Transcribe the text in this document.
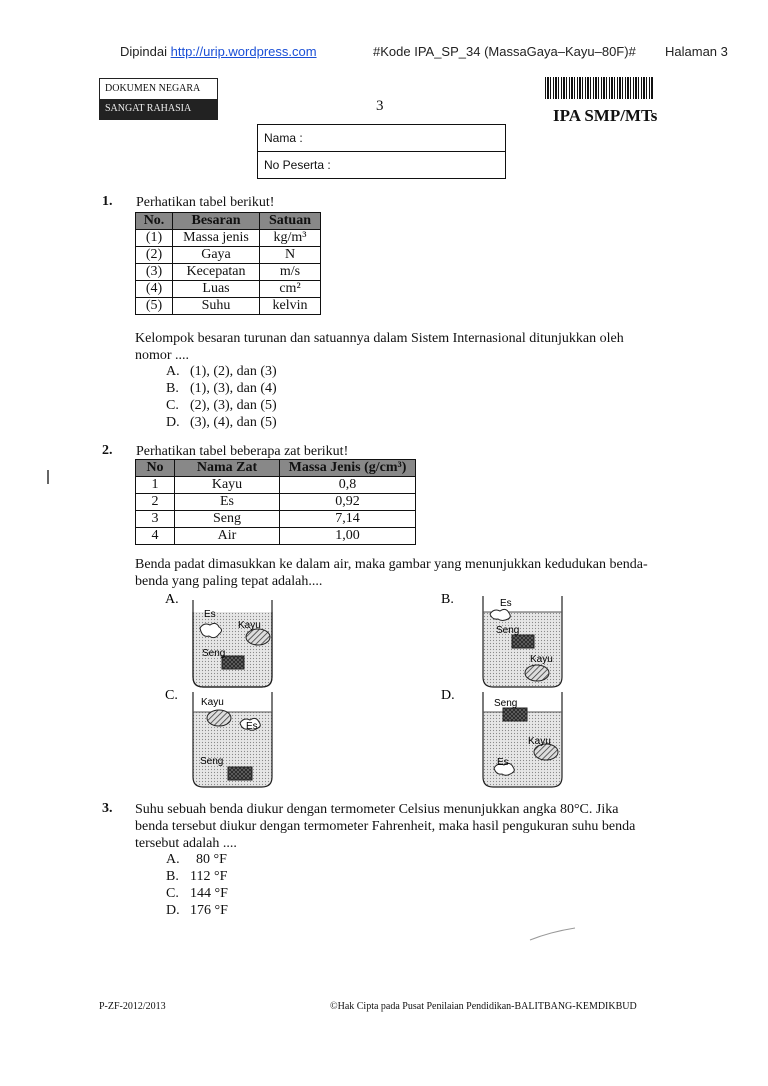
Dipindai http://urip.wordpress.com	#Kode IPA_SP_34 (MassaGaya–Kayu–80F)# Halaman 3
DOKUMEN NEGARA
SANGAT RAHASIA	3	IPA SMP/MTs
Nama :
No Peserta :
1. Perhatikan tabel berikut!
No.	Besaran	Satuan
(1)	Massa jenis	kg/m³
(2)	Gaya	N
(3)	Kecepatan	m/s
(4)	Luas	cm²
(5)	Suhu	kelvin
Kelompok besaran turunan dan satuannya dalam Sistem Internasional ditunjukkan oleh
nomor ....
A. (1), (2), dan (3)
B. (1), (3), dan (4)
C. (2), (3), dan (5)
D. (3), (4), dan (5)
2. Perhatikan tabel beberapa zat berikut!
No	Nama Zat	Massa Jenis (g/cm³)
1	Kayu	0,8
2	Es	0,92
3	Seng	7,14
4	Air	1,00
Benda padat dimasukkan ke dalam air, maka gambar yang menunjukkan kedudukan benda-
benda yang paling tepat adalah....
A.
Es
Kayu
Seng
B.	Es
Seng
Kayu
C. Kayu
Es
Seng
D.
Seng
Kayu
Es
3. Suhu sebuah benda diukur dengan termometer Celsius menunjukkan angka 80°C. Jika
benda tersebut diukur dengan termometer Fahrenheit, maka hasil pengukuran suhu benda
tersebut adalah ....
A. 80 °F
B. 112 °F
C. 144 °F
D. 176 °F
P-ZF-2012/2013	©Hak Cipta pada Pusat Penilaian Pendidikan-BALITBANG-KEMDIKBUD
